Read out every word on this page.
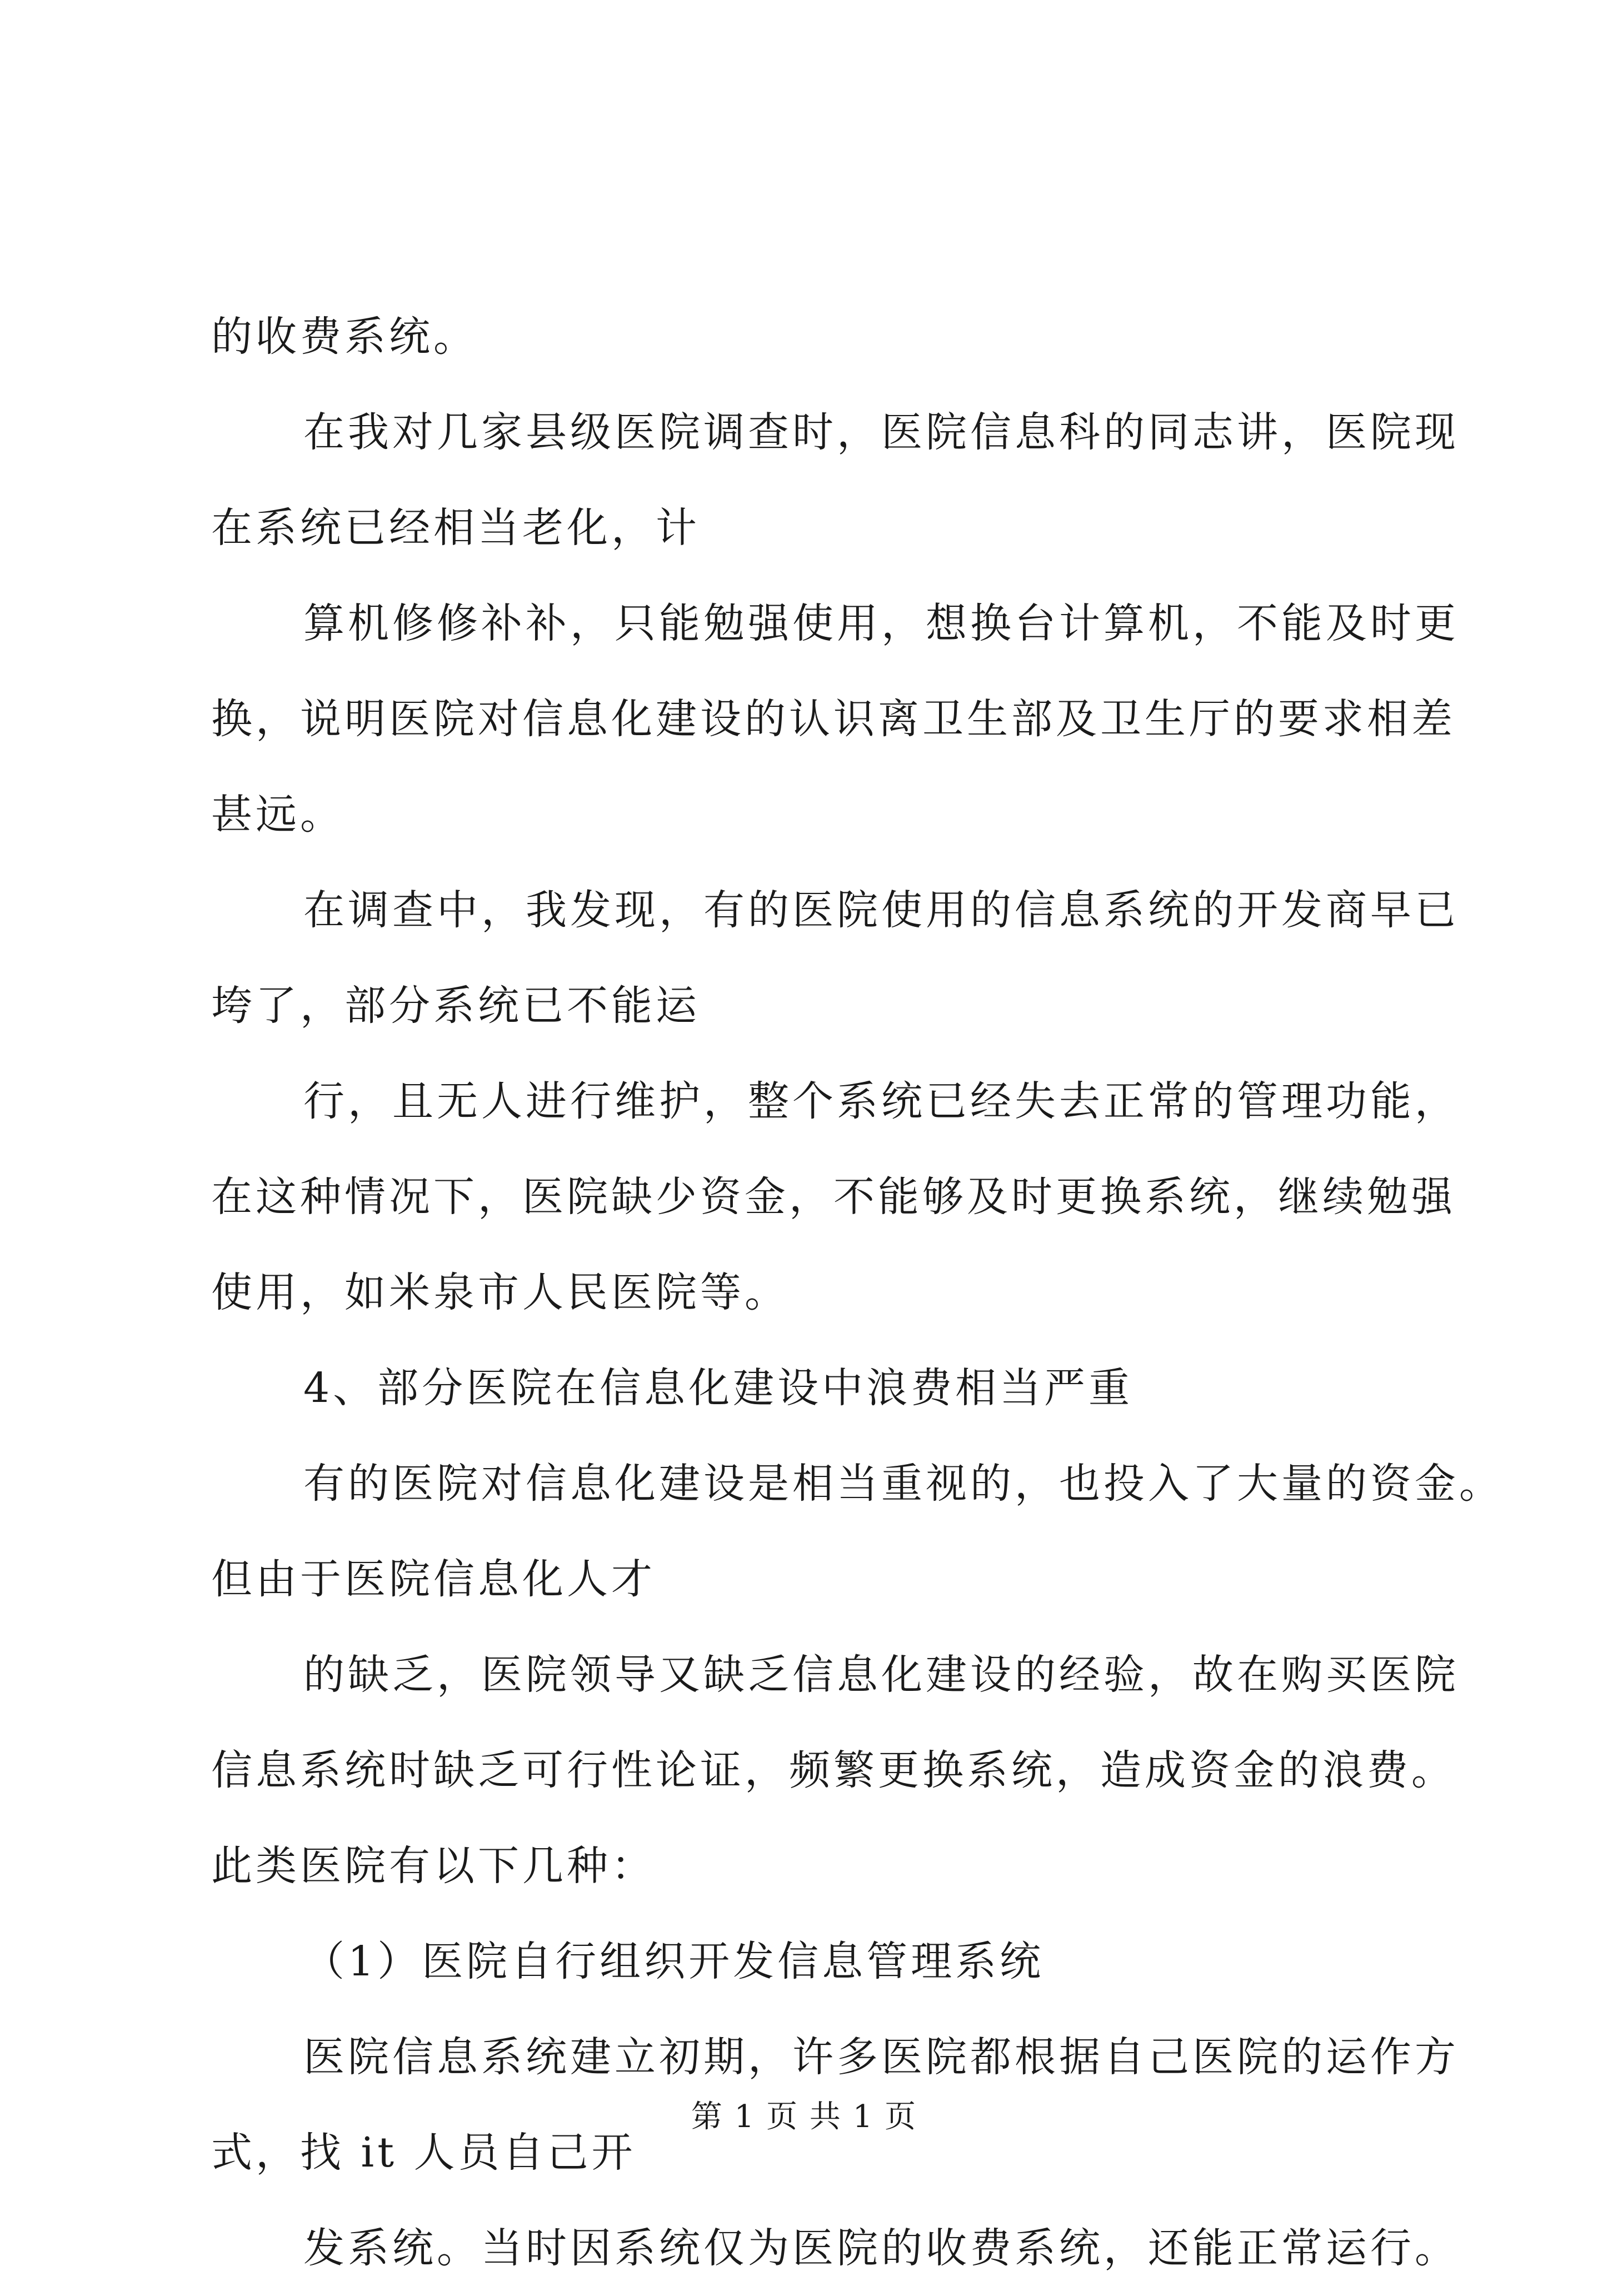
的收费系统。
在我对几家县级医院调查时，医院信息科的同志讲，医院现
在系统已经相当老化，计
算机修修补补，只能勉强使用，想换台计算机，不能及时更
换，说明医院对信息化建设的认识离卫生部及卫生厅的要求相差
甚远。
在调查中，我发现，有的医院使用的信息系统的开发商早已
垮了，部分系统已不能运
行，且无人进行维护，整个系统已经失去正常的管理功能，
在这种情况下，医院缺少资金，不能够及时更换系统，继续勉强
使用，如米泉市人民医院等。
4、部分医院在信息化建设中浪费相当严重
有的医院对信息化建设是相当重视的，也投入了大量的资金。
但由于医院信息化人才
的缺乏，医院领导又缺乏信息化建设的经验，故在购买医院
信息系统时缺乏可行性论证，频繁更换系统，造成资金的浪费。
此类医院有以下几种：
（1）医院自行组织开发信息管理系统
医院信息系统建立初期，许多医院都根据自己医院的运作方
式，找 it 人员自己开
发系统。当时因系统仅为医院的收费系统，还能正常运行。
第 1 页 共 1 页
